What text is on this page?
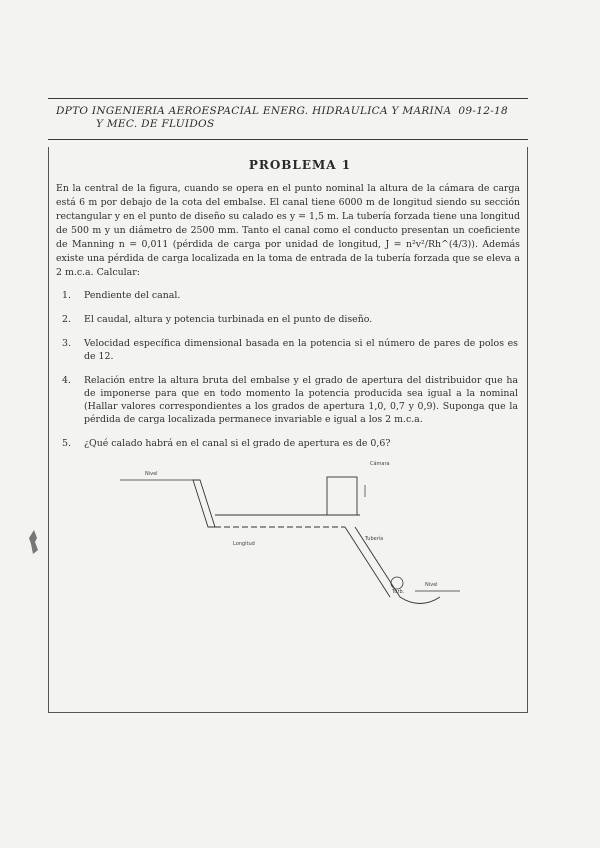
DPTO INGENIERIA AEROESPACIAL ENERG. HIDRAULICA Y MARINA
Y MEC. DE FLUIDOS
09-12-18
PROBLEMA 1
En la central de la figura, cuando se opera en el punto nominal la altura de la cámara de carga está 6 m por debajo de la cota del embalse. El canal tiene 6000 m de longitud siendo su sección rectangular y en el punto de diseño su calado es y = 1,5 m. La tubería forzada tiene una longitud de 500 m y un diámetro de 2500 mm. Tanto el canal como el conducto presentan un coeficiente de Manning n = 0,011 (pérdida de carga por unidad de longitud, J = n²v²/Rh^(4/3)). Además existe una pérdida de carga localizada en la toma de entrada de la tubería forzada que se eleva a 2 m.c.a. Calcular:
1. Pendiente del canal.
2. El caudal, altura y potencia turbinada en el punto de diseño.
3. Velocidad específica dimensional basada en la potencia si el número de pares de polos es de 12.
4. Relación entre la altura bruta del embalse y el grado de apertura del distribuidor que ha de imponerse para que en todo momento la potencia producida sea igual a la nominal (Hallar valores correspondientes a los grados de apertura 1,0, 0,7 y 0,9). Suponga que la pérdida de carga localizada permanece invariable e igual a los 2 m.c.a.
5. ¿Qué calado habrá en el canal si el grado de apertura es de 0,6?
Nivel
Longitud
Cámara
Tubería
Turb.
Nivel
